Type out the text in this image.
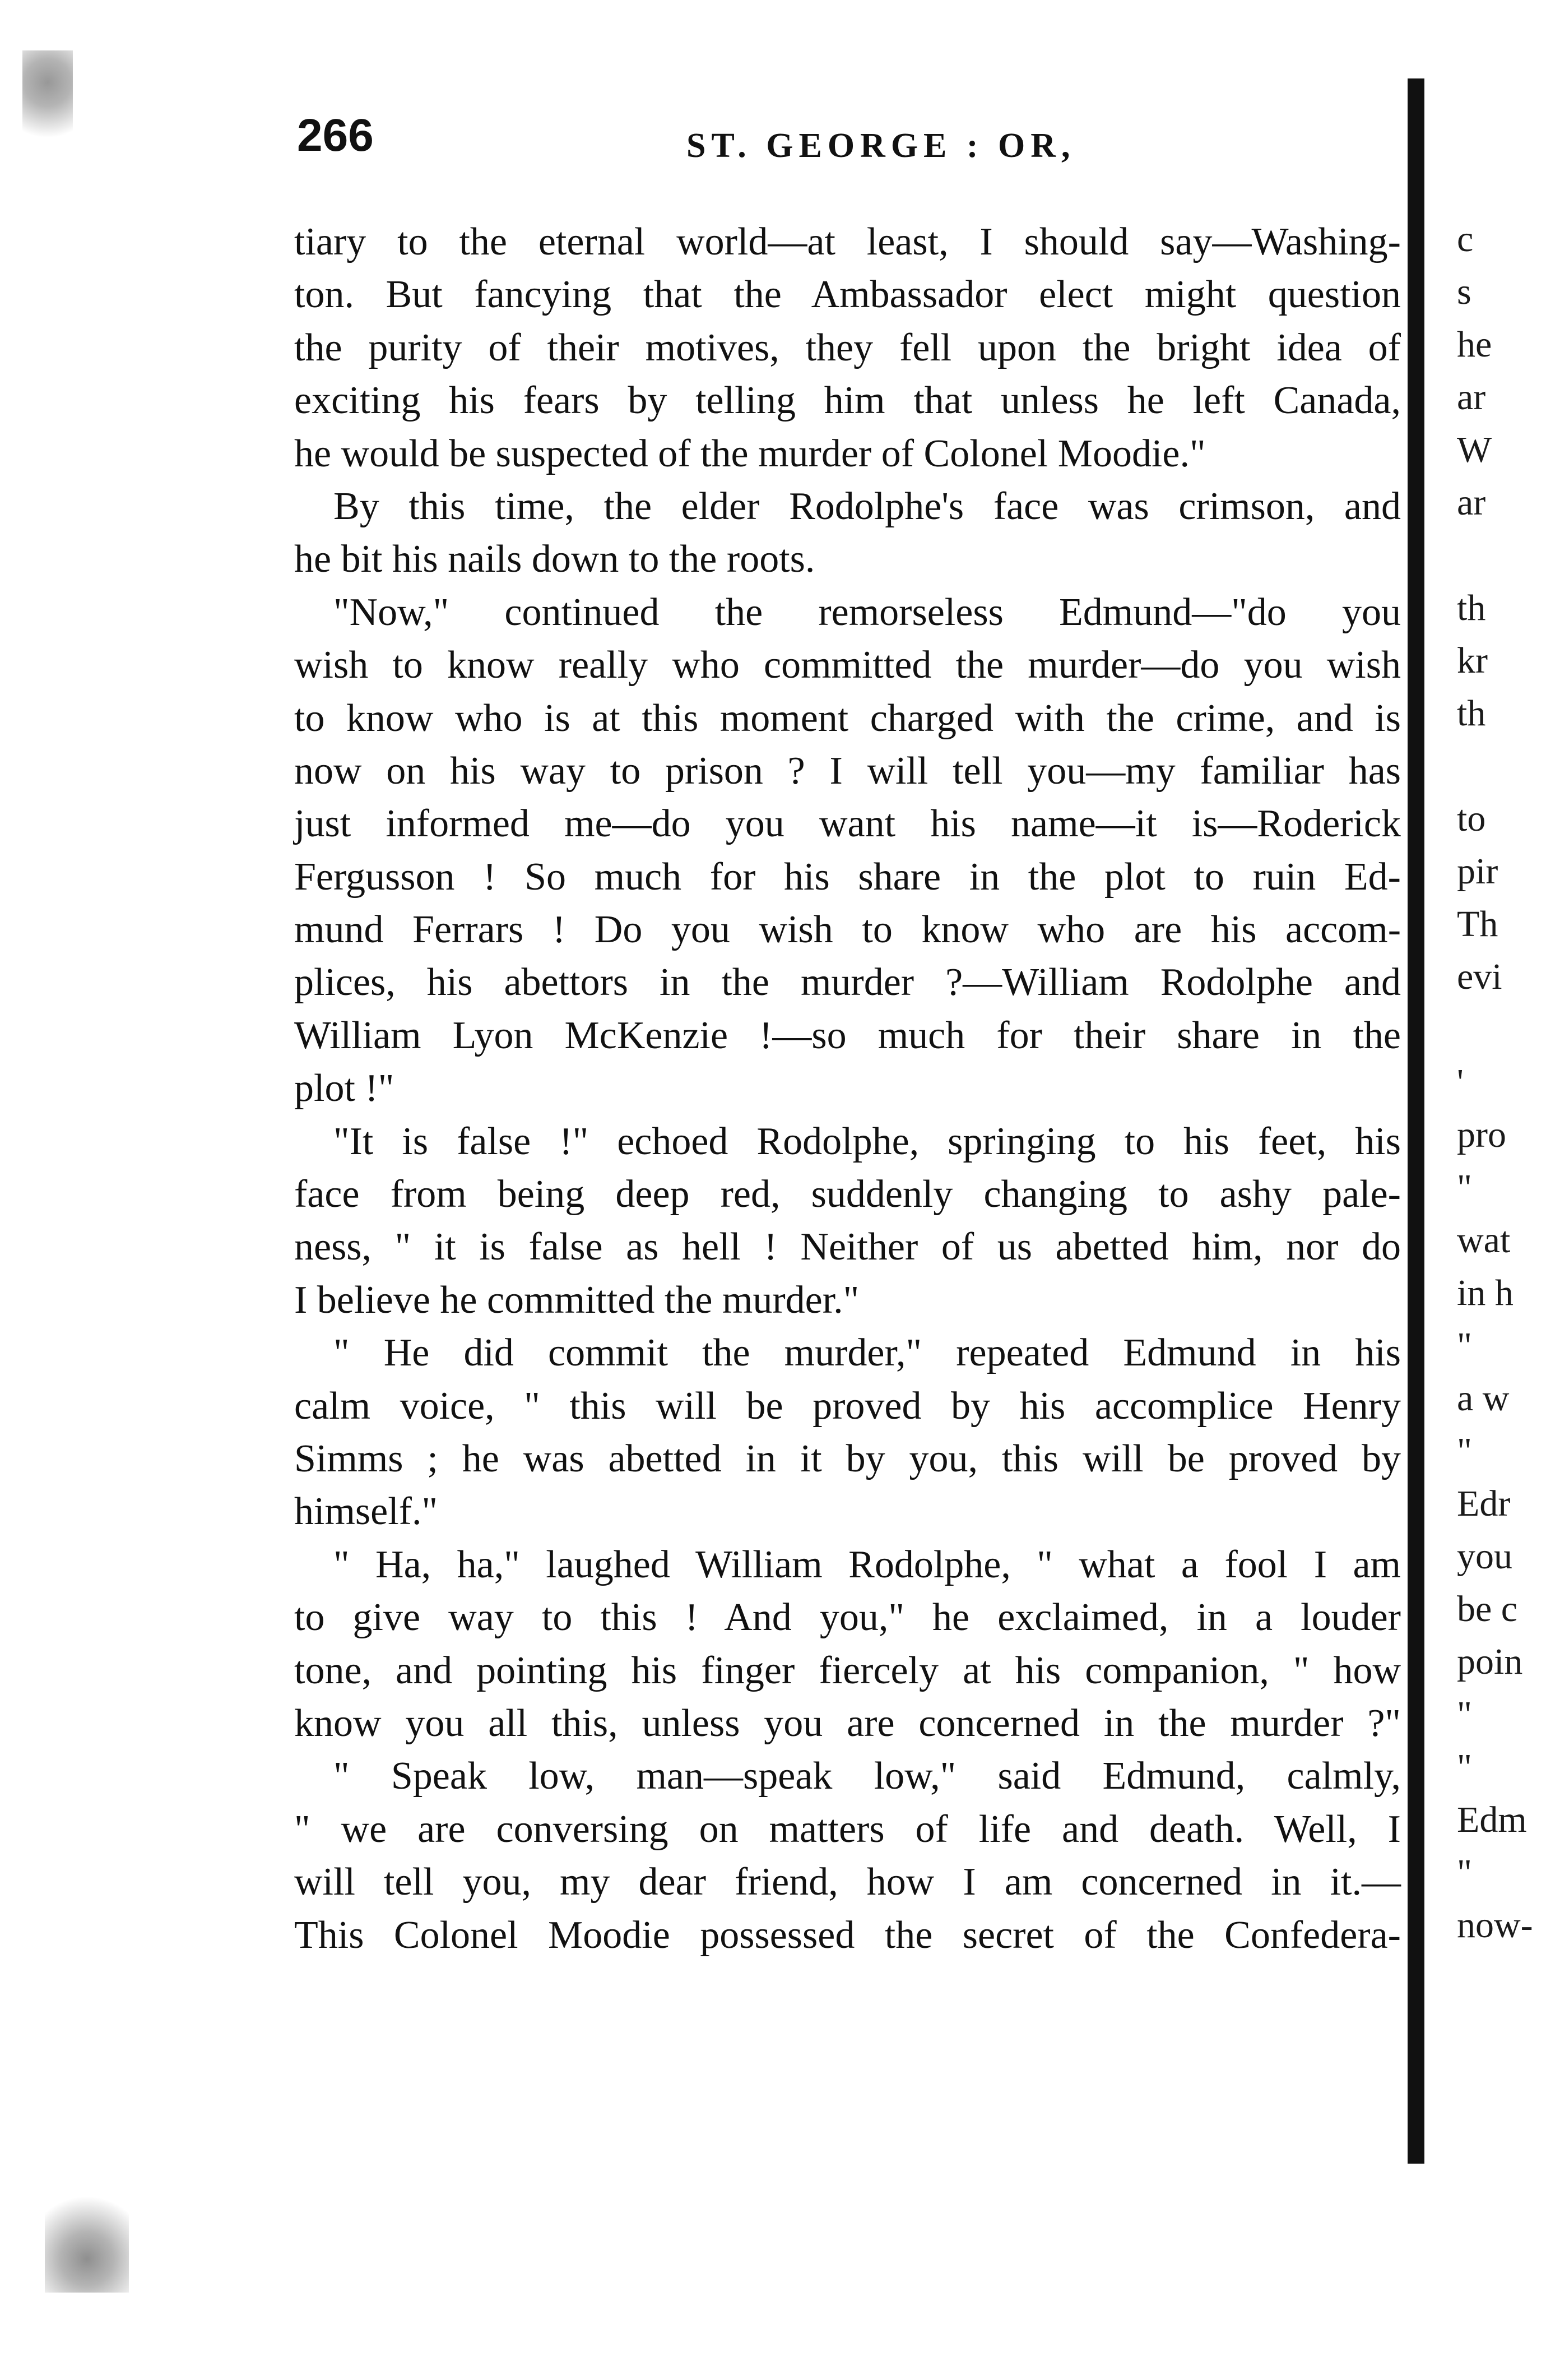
266	ST. GEORGE : OR,
tiary to the eternal world—at least, I should say—Washing-
ton. But fancying that the Ambassador elect might question
the purity of their motives, they fell upon the bright idea of
exciting his fears by telling him that unless he left Canada,
he would be suspected of the murder of Colonel Moodie."
By this time, the elder Rodolphe's face was crimson, and
he bit his nails down to the roots.
"Now," continued the remorseless Edmund—"do you
wish to know really who committed the murder—do you wish
to know who is at this moment charged with the crime, and is
now on his way to prison ? I will tell you—my familiar has
just informed me—do you want his name—it is—Roderick
Fergusson ! So much for his share in the plot to ruin Ed-
mund Ferrars ! Do you wish to know who are his accom-
plices, his abettors in the murder ?—William Rodolphe and
William Lyon McKenzie !—so much for their share in the
plot !"
"It is false !" echoed Rodolphe, springing to his feet, his
face from being deep red, suddenly changing to ashy pale-
ness, " it is false as hell ! Neither of us abetted him, nor do
I believe he committed the murder."
" He did commit the murder," repeated Edmund in his
calm voice, " this will be proved by his accomplice Henry
Simms ; he was abetted in it by you, this will be proved by
himself."
" Ha, ha," laughed William Rodolphe, " what a fool I am
to give way to this ! And you," he exclaimed, in a louder
tone, and pointing his finger fiercely at his companion, " how
know you all this, unless you are concerned in the murder ?"
" Speak low, man—speak low," said Edmund, calmly,
" we are conversing on matters of life and death. Well, I
will tell you, my dear friend, how I am concerned in it.—
This Colonel Moodie possessed the secret of the Confedera-
c
s
he
ar
W
ar
th
kr
th
to
pir
Th
evi
'
pro
"
wat
in h
"
a w
"
Edr
you
be c
poin
"
"
Edm
"
now-
